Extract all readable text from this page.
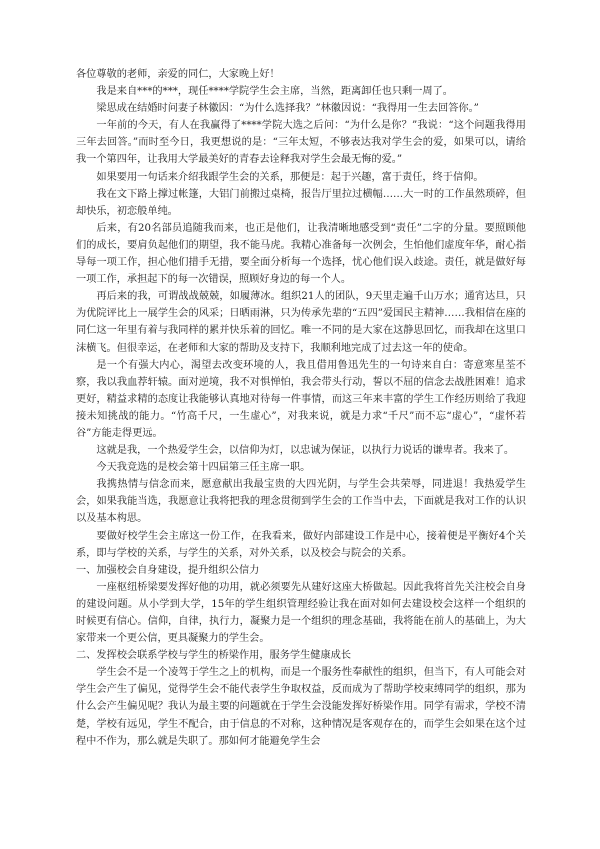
各位尊敬的老师，亲爱的同仁，大家晚上好！

我是来自***的***，现任****学院学生会主席，当然，距离卸任也只剩一周了。

梁思成在结婚时问妻子林徽因：“为什么选择我？”林徽因说：“我得用一生去回答你。”

一年前的今天，有人在我赢得了****学院大选之后问：“为什么是你？”我说：“这个问题我得用三年去回答。”而时至今日，我更想说的是：“三年太短，不够表达我对学生会的爱，如果可以，请给我一个第四年，让我用大学最美好的青春去诠释我对学生会最无悔的爱。”

如果要用一句话来介绍我跟学生会的关系，那便是：起于兴趣，富于责任，终于信仰。

我在文下路上撑过帐篷，大铝门前搬过桌椅，报告厅里拉过横幅……大一时的工作虽然琐碎，但却快乐，初恋般单纯。

后来，有20名部员追随我而来，也正是他们，让我清晰地感受到“责任”二字的分量。要照顾他们的成长，要肩负起他们的期望，我不能马虎。我精心准备每一次例会，生怕他们虚度年华，耐心指导每一项工作，担心他们措手无措，要全面分析每一个选择，忧心他们误入歧途。责任，就是做好每一项工作，承担起下的每一次错误，照顾好身边的每一个人。

再后来的我，可谓战战兢兢，如履薄冰。组织21人的团队，9天里走遍千山万水；通宵达旦，只为优院评比上一展学生会的风采；日晒雨淋，只为传承先辈的“五四”爱国民主精神……我相信在座的同仁这一年里有着与我同样的累并快乐着的回忆。唯一不同的是大家在这静思回忆，而我却在这里口沫横飞。但很幸运，在老师和大家的帮助及支持下，我顺利地完成了过去这一年的使命。

是一个有强大内心，渴望去改变环境的人，我且借用鲁迅先生的一句诗来自白：寄意寒星荃不察，我以我血荐轩辕。面对逆境，我不对惧惮怕，我会带头行动，誓以不屈的信念去战胜困难！追求更好，精益求精的态度让我能够认真地对待每一件事情，而这三年来丰富的学生工作经历则给了我迎接未知挑战的能力。“竹高千尺，一生虚心”，对我来说，就是力求“千尺”而不忘“虚心”，“虚怀若谷”方能走得更远。

这就是我，一个热爱学生会，以信仰为灯，以忠诚为保证，以执行力说话的谦卑者。我来了。

今天我竞选的是校会第十四届第三任主席一职。

我携热情与信念而来，愿意献出我最宝贵的大四光阴，与学生会共荣辱，同进退！我热爱学生会，如果我能当选，我愿意让我将把我的理念贯彻到学生会的工作当中去，下面就是我对工作的认识以及基本构思。

要做好校学生会主席这一份工作，在我看来，做好内部建设工作是中心，接着便是平衡好4个关系，即与学校的关系，与学生的关系，对外关系，以及校会与院会的关系。

一、加强校会自身建设，提升组织公信力

一座枢纽桥梁要发挥好他的功用，就必须要先从建好这座大桥做起。因此我将首先关注校会自身的建设问题。从小学到大学，15年的学生组织管理经验让我在面对如何去建设校会这样一个组织的时候更有信心。信仰，自律，执行力，凝聚力是一个组织的理念基础，我将能在前人的基础上，为大家带来一个更公信，更具凝聚力的学生会。

二、发挥校会联系学校与学生的桥梁作用，服务学生健康成长

学生会不是一个凌驾于学生之上的机构，而是一个服务性奉献性的组织，但当下，有人可能会对学生会产生了偏见，觉得学生会不能代表学生争取权益，反而成为了帮助学校束缚同学的组织，那为什么会产生偏见呢？我认为最主要的问题就在于学生会没能发挥好桥梁作用。同学有需求，学校不清楚，学校有远见，学生不配合，由于信息的不对称，这种情况是客观存在的，而学生会如果在这个过程中不作为，那么就是失职了。那如何才能避免学生会
